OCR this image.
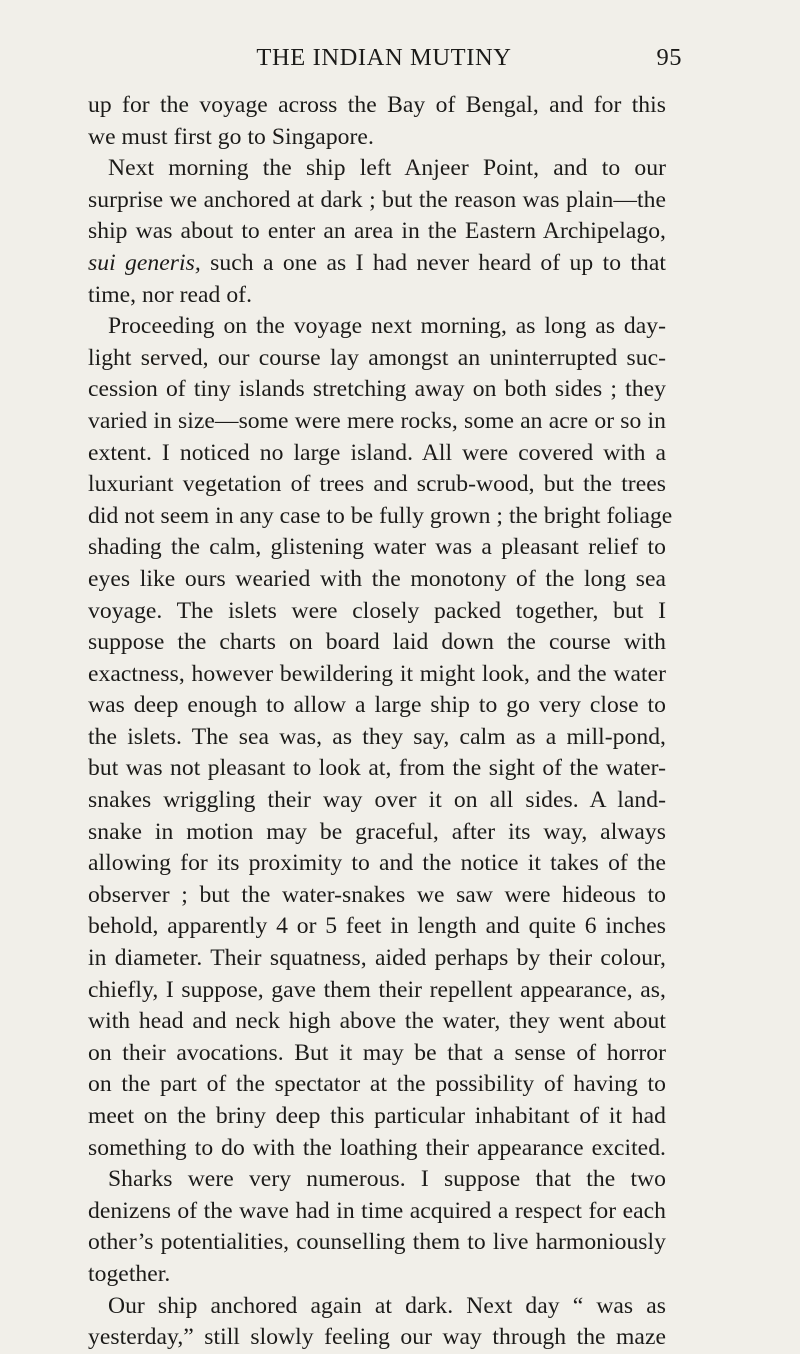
THE INDIAN MUTINY	95
up for the voyage across the Bay of Bengal, and for this
we must first go to Singapore.
Next morning the ship left Anjeer Point, and to our
surprise we anchored at dark ; but the reason was plain—the
ship was about to enter an area in the Eastern Archipelago,
sui generis, such a one as I had never heard of up to that
time, nor read of.
Proceeding on the voyage next morning, as long as day-
light served, our course lay amongst an uninterrupted suc-
cession of tiny islands stretching away on both sides ; they
varied in size—some were mere rocks, some an acre or so in
extent. I noticed no large island. All were covered with a
luxuriant vegetation of trees and scrub-wood, but the trees
did not seem in any case to be fully grown ; the bright foliage
shading the calm, glistening water was a pleasant relief to
eyes like ours wearied with the monotony of the long sea
voyage. The islets were closely packed together, but I
suppose the charts on board laid down the course with
exactness, however bewildering it might look, and the water
was deep enough to allow a large ship to go very close to
the islets. The sea was, as they say, calm as a mill-pond,
but was not pleasant to look at, from the sight of the water-
snakes wriggling their way over it on all sides. A land-
snake in motion may be graceful, after its way, always
allowing for its proximity to and the notice it takes of the
observer ; but the water-snakes we saw were hideous to
behold, apparently 4 or 5 feet in length and quite 6 inches
in diameter. Their squatness, aided perhaps by their colour,
chiefly, I suppose, gave them their repellent appearance, as,
with head and neck high above the water, they went about
on their avocations. But it may be that a sense of horror
on the part of the spectator at the possibility of having to
meet on the briny deep this particular inhabitant of it had
something to do with the loathing their appearance excited.
Sharks were very numerous. I suppose that the two
denizens of the wave had in time acquired a respect for each
other’s potentialities, counselling them to live harmoniously
together.
Our ship anchored again at dark. Next day “ was as
yesterday,” still slowly feeling our way through the maze
